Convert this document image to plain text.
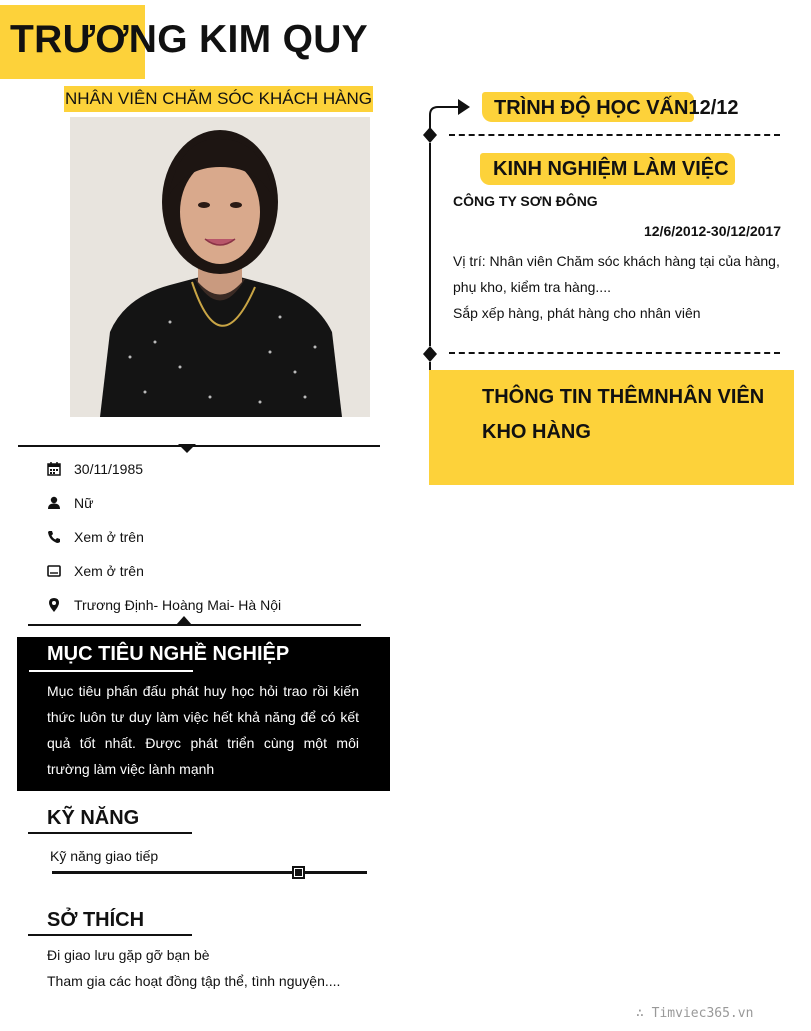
TRƯƠNG KIM QUY
NHÂN VIÊN CHĂM SÓC KHÁCH HÀNG
30/11/1985
Nữ
Xem ở trên
Xem ở trên
Trương Định- Hoàng Mai- Hà Nội
MỤC TIÊU NGHỀ NGHIỆP
Mục tiêu phấn đấu phát huy học hỏi trao rồi kiến thức luôn tư duy làm việc hết khả năng để có kết quả tốt nhất. Được phát triển cùng một môi trường làm việc lành mạnh
KỸ NĂNG
Kỹ năng giao tiếp
SỞ THÍCH
Đi giao lưu gặp gỡ bạn bè
Tham gia các hoạt đồng tập thể, tình nguyện....
TRÌNH ĐỘ HỌC VẤN12/12
KINH NGHIỆM LÀM VIỆC
CÔNG TY SƠN ĐÔNG
12/6/2012-30/12/2017
Vị trí: Nhân viên Chăm sóc khách hàng tại của hàng, phụ kho, kiểm tra hàng....
Sắp xếp hàng, phát hàng cho nhân viên
THÔNG TIN THÊMNHÂN VIÊN KHO HÀNG
∴ Timviec365.vn
